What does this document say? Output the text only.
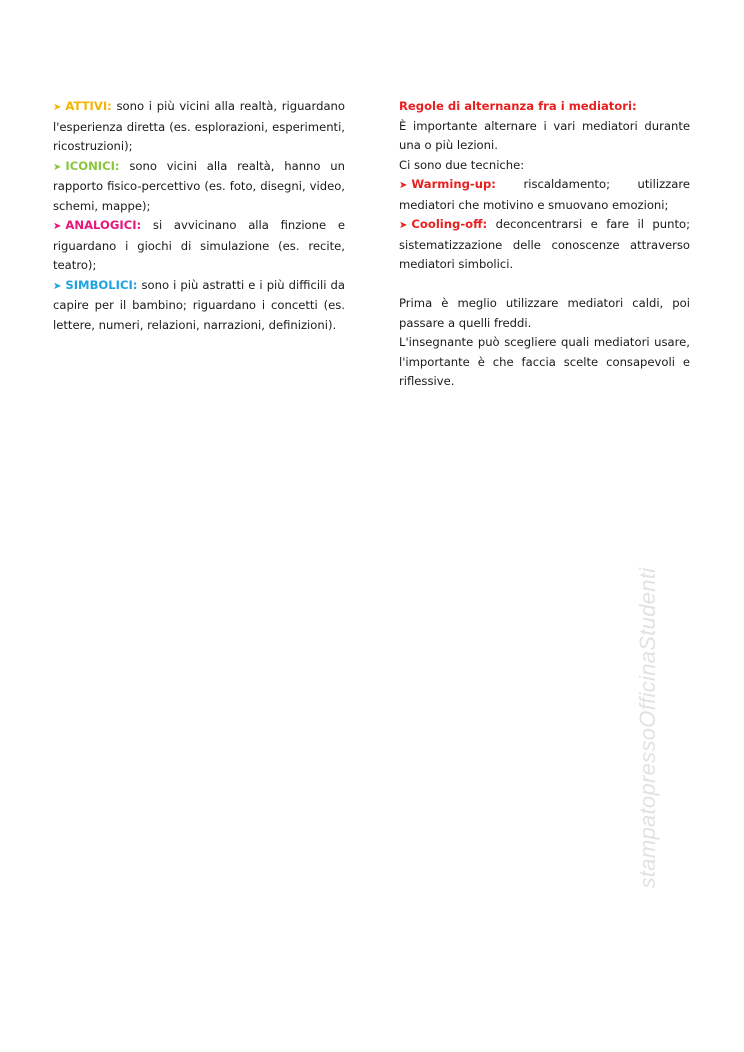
➤ ATTIVI: sono i più vicini alla realtà, riguardano l'esperienza diretta (es. esplorazioni, esperimenti, ricostruzioni);

➤ ICONICI: sono vicini alla realtà, hanno un rapporto fisico-percettivo (es. foto, disegni, video, schemi, mappe);

➤ ANALOGICI: si avvicinano alla finzione e riguardano i giochi di simulazione (es. recite, teatro);

➤ SIMBOLICI: sono i più astratti e i più difficili da capire per il bambino; riguardano i concetti (es. lettere, numeri, relazioni, narrazioni, definizioni).

Regole di alternanza fra i mediatori:

È importante alternare i vari mediatori durante una o più lezioni.

Ci sono due tecniche:

➤ Warming-up: riscaldamento; utilizzare mediatori che motivino e smuovano emozioni;

➤ Cooling-off: deconcentrarsi e fare il punto; sistematizzazione delle conoscenze attraverso mediatori simbolici.

Prima è meglio utilizzare mediatori caldi, poi passare a quelli freddi.

L'insegnante può scegliere quali mediatori usare, l'importante è che faccia scelte consapevoli e riflessive.

stampatopressoOfficinaStudenti
